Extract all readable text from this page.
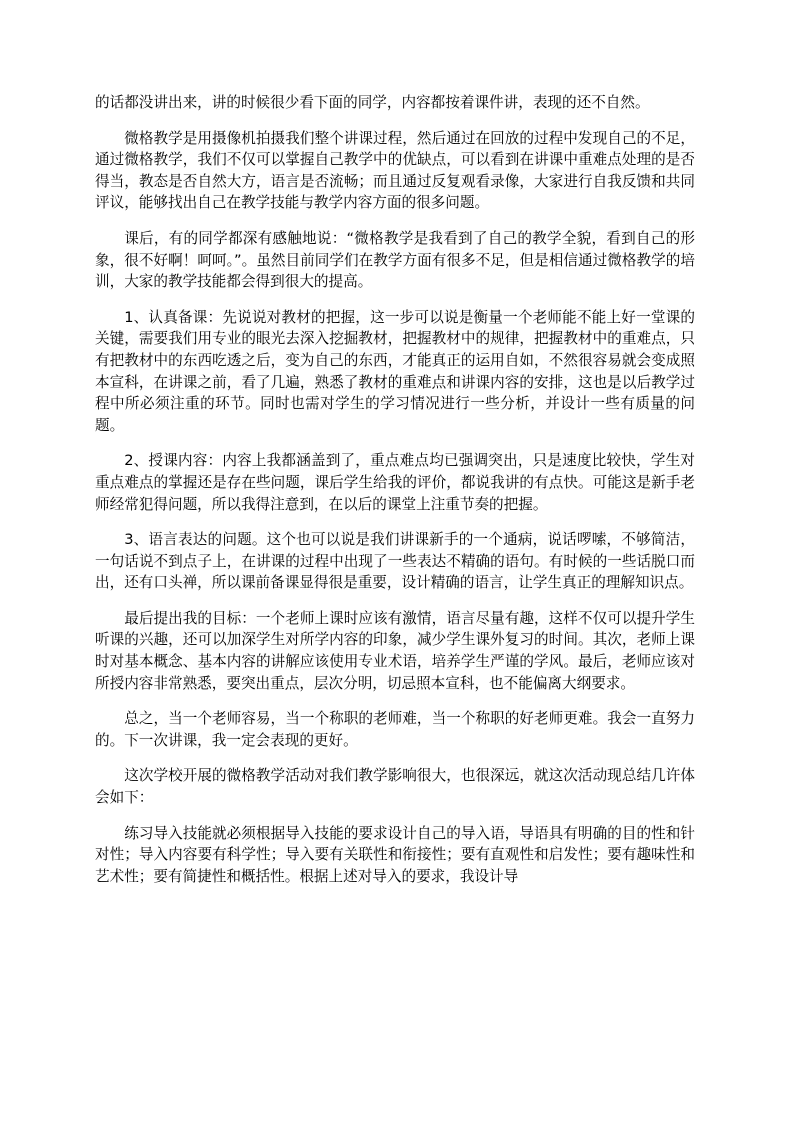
的话都没讲出来，讲的时候很少看下面的同学，内容都按着课件讲，表现的还不自然。

微格教学是用摄像机拍摄我们整个讲课过程，然后通过在回放的过程中发现自己的不足，通过微格教学，我们不仅可以掌握自己教学中的优缺点，可以看到在讲课中重难点处理的是否得当，教态是否自然大方，语言是否流畅；而且通过反复观看录像，大家进行自我反馈和共同评议，能够找出自己在教学技能与教学内容方面的很多问题。

课后，有的同学都深有感触地说：“微格教学是我看到了自己的教学全貌，看到自己的形象，很不好啊！呵呵。”。虽然目前同学们在教学方面有很多不足，但是相信通过微格教学的培训，大家的教学技能都会得到很大的提高。

1、认真备课：先说说对教材的把握，这一步可以说是衡量一个老师能不能上好一堂课的关键，需要我们用专业的眼光去深入挖掘教材，把握教材中的规律，把握教材中的重难点，只有把教材中的东西吃透之后，变为自己的东西，才能真正的运用自如，不然很容易就会变成照本宣科，在讲课之前，看了几遍，熟悉了教材的重难点和讲课内容的安排，这也是以后教学过程中所必须注重的环节。同时也需对学生的学习情况进行一些分析，并设计一些有质量的问题。

2、授课内容：内容上我都涵盖到了，重点难点均已强调突出，只是速度比较快，学生对重点难点的掌握还是存在些问题，课后学生给我的评价，都说我讲的有点快。可能这是新手老师经常犯得问题，所以我得注意到，在以后的课堂上注重节奏的把握。

3、语言表达的问题。这个也可以说是我们讲课新手的一个通病，说话啰嗦，不够简洁，一句话说不到点子上，在讲课的过程中出现了一些表达不精确的语句。有时候的一些话脱口而出，还有口头禅，所以课前备课显得很是重要，设计精确的语言，让学生真正的理解知识点。

最后提出我的目标：一个老师上课时应该有激情，语言尽量有趣，这样不仅可以提升学生听课的兴趣，还可以加深学生对所学内容的印象，减少学生课外复习的时间。其次，老师上课时对基本概念、基本内容的讲解应该使用专业术语，培养学生严谨的学风。最后，老师应该对所授内容非常熟悉，要突出重点，层次分明，切忌照本宣科，也不能偏离大纲要求。

总之，当一个老师容易，当一个称职的老师难，当一个称职的好老师更难。我会一直努力的。下一次讲课，我一定会表现的更好。

这次学校开展的微格教学活动对我们教学影响很大，也很深远，就这次活动现总结几许体会如下：

练习导入技能就必须根据导入技能的要求设计自己的导入语，导语具有明确的目的性和针对性；导入内容要有科学性；导入要有关联性和衔接性；要有直观性和启发性；要有趣味性和艺术性；要有简捷性和概括性。根据上述对导入的要求，我设计导
